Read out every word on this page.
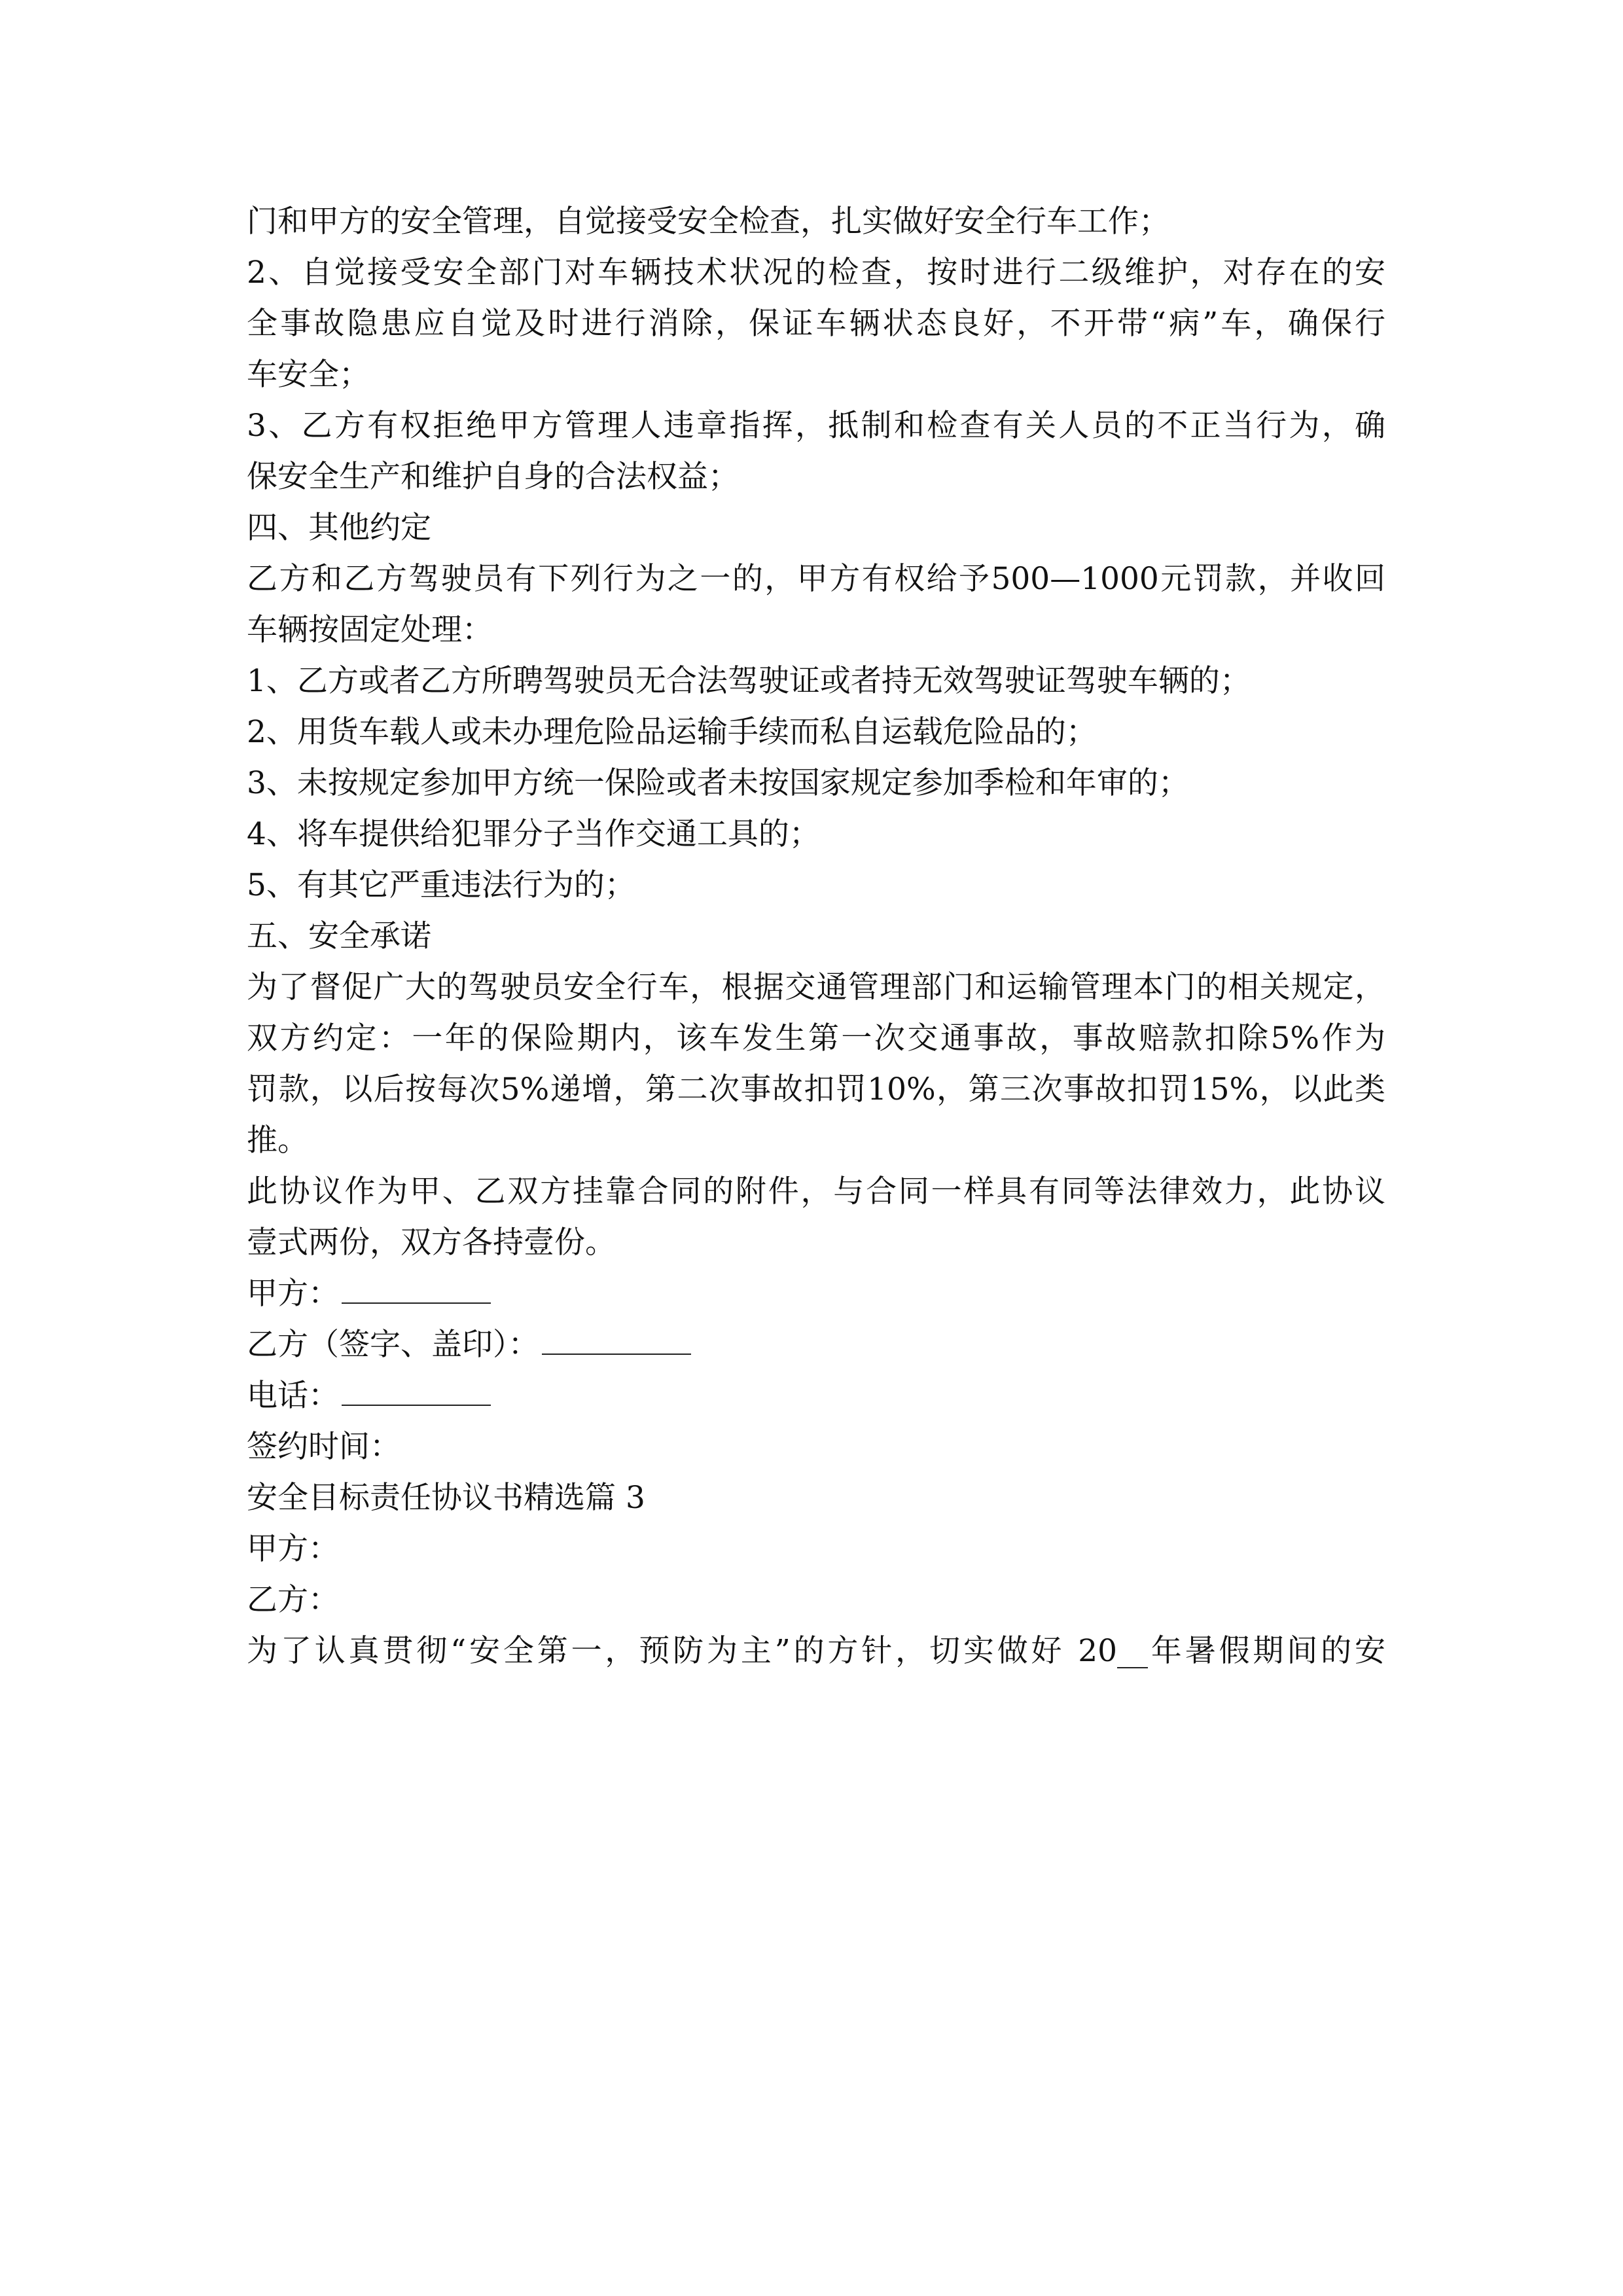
门和甲方的安全管理，自觉接受安全检查，扎实做好安全行车工作；
2、自觉接受安全部门对车辆技术状况的检查，按时进行二级维护，对存在的安
全事故隐患应自觉及时进行消除，保证车辆状态良好，不开带“病”车，确保行
车安全；
3、乙方有权拒绝甲方管理人违章指挥，抵制和检查有关人员的不正当行为，确
保安全生产和维护自身的合法权益；
四、其他约定
乙方和乙方驾驶员有下列行为之一的，甲方有权给予500—1000元罚款，并收回
车辆按固定处理：
1、乙方或者乙方所聘驾驶员无合法驾驶证或者持无效驾驶证驾驶车辆的；
2、用货车载人或未办理危险品运输手续而私自运载危险品的；
3、未按规定参加甲方统一保险或者未按国家规定参加季检和年审的；
4、将车提供给犯罪分子当作交通工具的；
5、有其它严重违法行为的；
五、安全承诺
为了督促广大的驾驶员安全行车，根据交通管理部门和运输管理本门的相关规定，
双方约定：一年的保险期内，该车发生第一次交通事故，事故赔款扣除5%作为
罚款，以后按每次5%递增，第二次事故扣罚10%，第三次事故扣罚15%，以此类
推。
此协议作为甲、乙双方挂靠合同的附件，与合同一样具有同等法律效力，此协议
壹式两份，双方各持壹份。
甲方：
乙方（签字、盖印）：
电话：
签约时间：
安全目标责任协议书精选篇 3
甲方：
乙方：
为了认真贯彻“安全第一，预防为主”的方针，切实做好 20__年暑假期间的安
